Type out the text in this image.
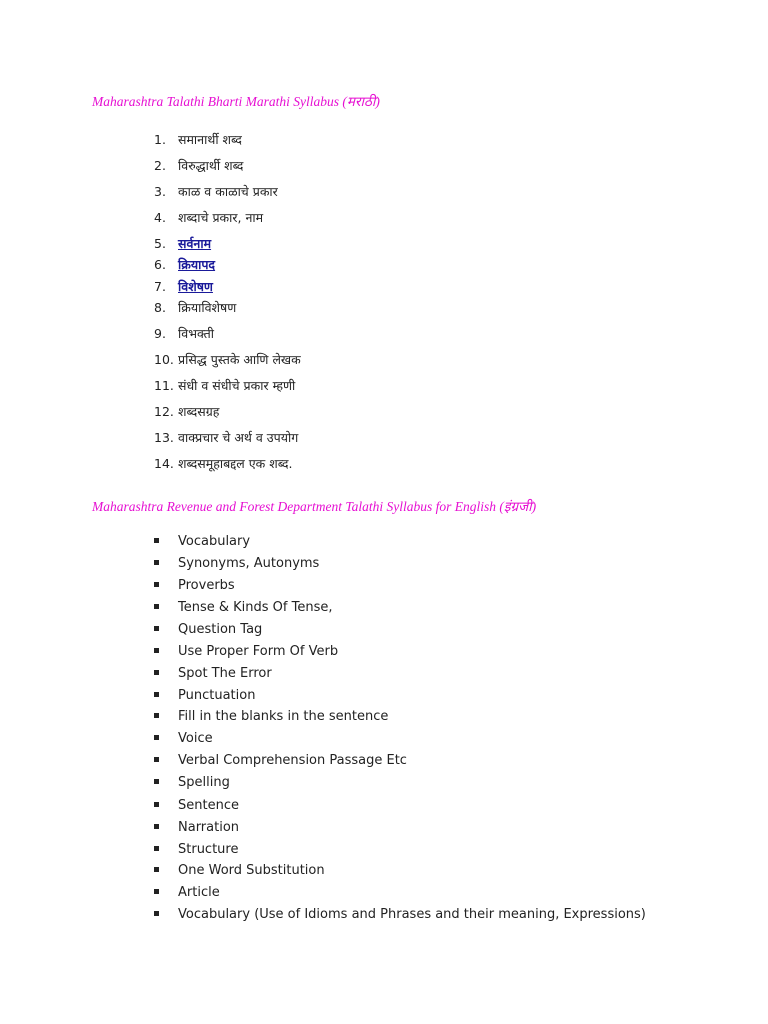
Maharashtra Talathi Bharti Marathi Syllabus (मराठी)
1. समानार्थी शब्द
2. विरुद्धार्थी शब्द
3. काळ व काळाचे प्रकार
4. शब्दाचे प्रकार, नाम
5. सर्वनाम
6. क्रियापद
7. विशेषण
8. क्रियाविशेषण
9. विभक्ती
10. प्रसिद्ध पुस्तके आणि लेखक
11. संधी व संधीचे प्रकार म्हणी
12. शब्दसग्रह
13. वाक्प्रचार चे अर्थ व उपयोग
14. शब्दसमूहाबद्दल एक शब्द.
Maharashtra Revenue and Forest Department Talathi Syllabus for English (इंग्रजी)
Vocabulary
Synonyms, Autonyms
Proverbs
Tense & Kinds Of Tense,
Question Tag
Use Proper Form Of Verb
Spot The Error
Punctuation
Fill in the blanks in the sentence
Voice
Verbal Comprehension Passage Etc
Spelling
Sentence
Narration
Structure
One Word Substitution
Article
Vocabulary (Use of Idioms and Phrases and their meaning, Expressions)
